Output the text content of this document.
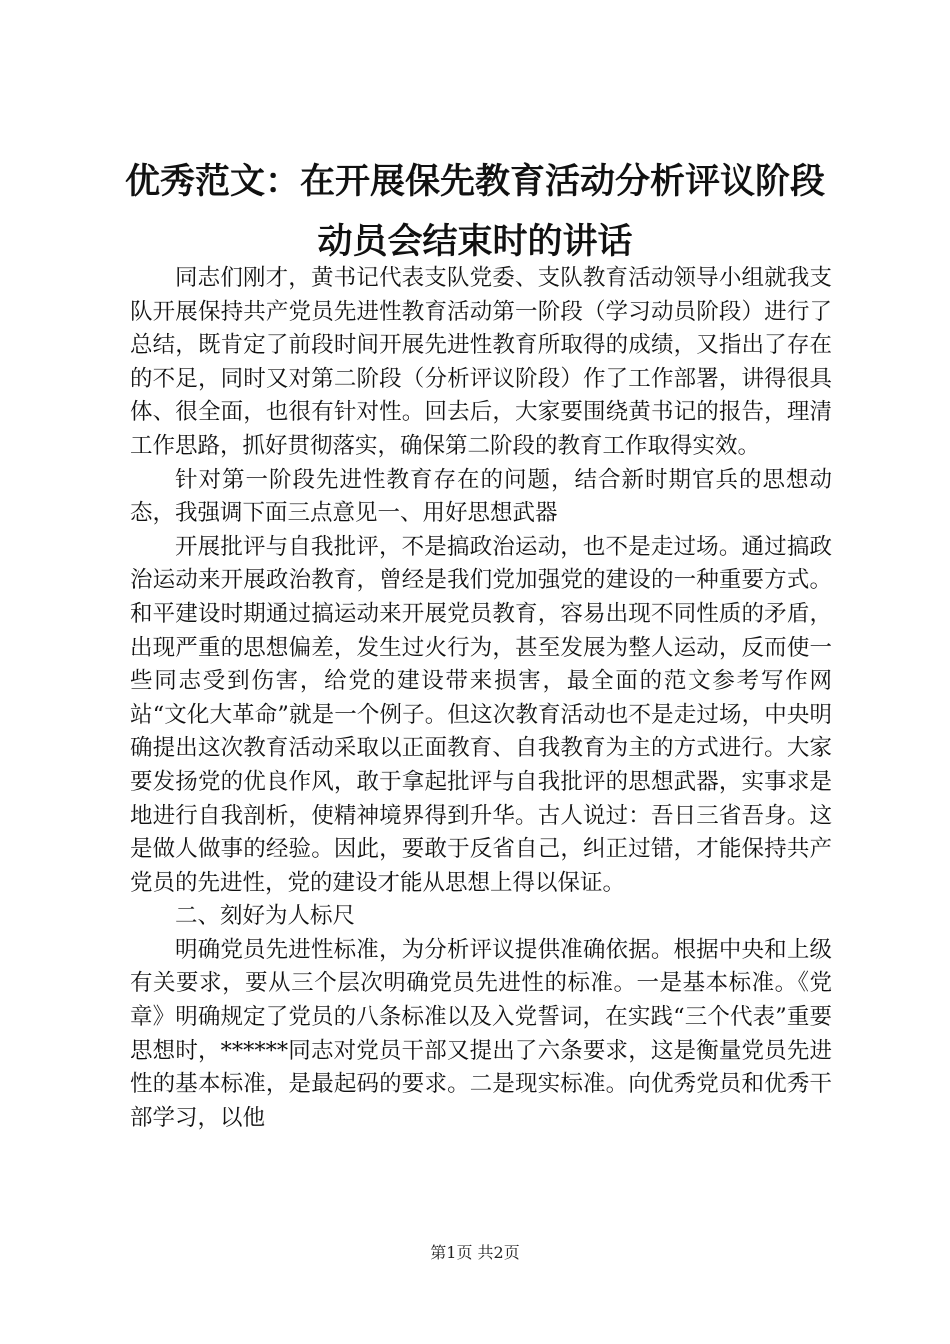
优秀范文：在开展保先教育活动分析评议阶段
动员会结束时的讲话

同志们刚才，黄书记代表支队党委、支队教育活动领导小组就我支队开展保持共产党员先进性教育活动第一阶段（学习动员阶段）进行了总结，既肯定了前段时间开展先进性教育所取得的成绩，又指出了存在的不足，同时又对第二阶段（分析评议阶段）作了工作部署，讲得很具体、很全面，也很有针对性。回去后，大家要围绕黄书记的报告，理清工作思路，抓好贯彻落实，确保第二阶段的教育工作取得实效。

针对第一阶段先进性教育存在的问题，结合新时期官兵的思想动态，我强调下面三点意见一、用好思想武器

开展批评与自我批评，不是搞政治运动，也不是走过场。通过搞政治运动来开展政治教育，曾经是我们党加强党的建设的一种重要方式。和平建设时期通过搞运动来开展党员教育，容易出现不同性质的矛盾，出现严重的思想偏差，发生过火行为，甚至发展为整人运动，反而使一些同志受到伤害，给党的建设带来损害，最全面的范文参考写作网站“文化大革命”就是一个例子。但这次教育活动也不是走过场，中央明确提出这次教育活动采取以正面教育、自我教育为主的方式进行。大家要发扬党的优良作风，敢于拿起批评与自我批评的思想武器，实事求是地进行自我剖析，使精神境界得到升华。古人说过：吾日三省吾身。这是做人做事的经验。因此，要敢于反省自己，纠正过错，才能保持共产党员的先进性，党的建设才能从思想上得以保证。

二、刻好为人标尺

明确党员先进性标准，为分析评议提供准确依据。根据中央和上级有关要求，要从三个层次明确党员先进性的标准。一是基本标准。《党章》明确规定了党员的八条标准以及入党誓词，在实践“三个代表”重要思想时，******同志对党员干部又提出了六条要求，这是衡量党员先进性的基本标准，是最起码的要求。二是现实标准。向优秀党员和优秀干部学习，以他

第1页 共2页
